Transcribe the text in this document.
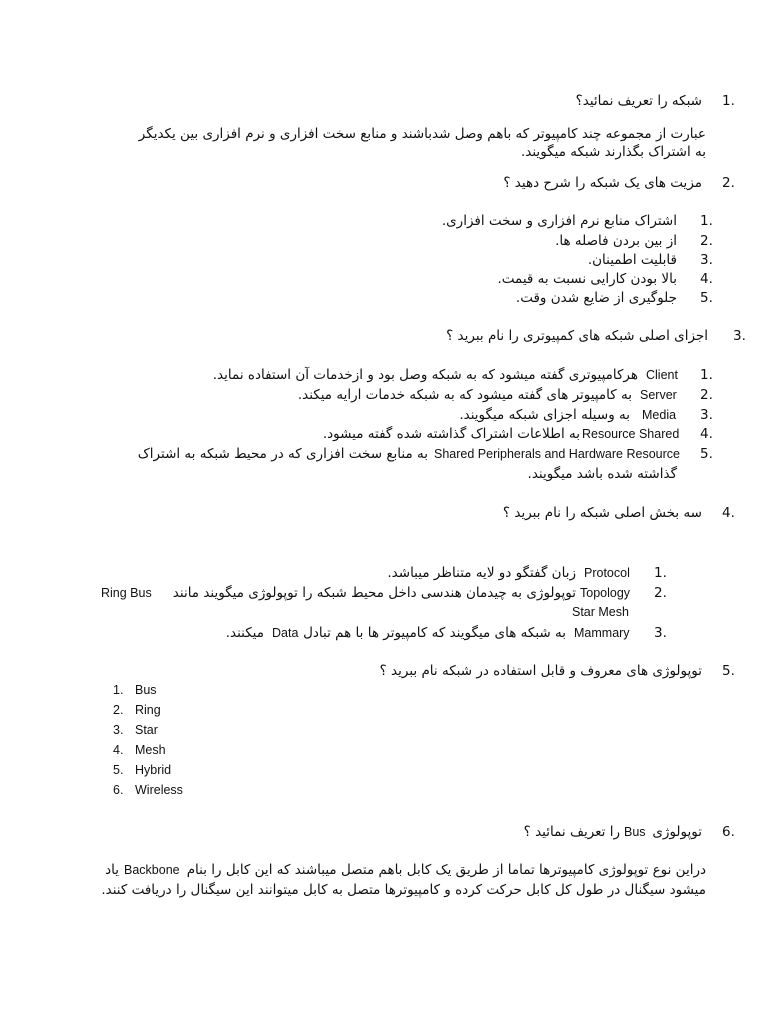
1.
شبکه را تعریف نمائید؟
عبارت از مجموعه چند کامپیوتر که باهم وصل شدباشند و منابع سخت افزاری و نرم افزاری بین یکدیگر
به اشتراک بگذارند شبکه میگویند.
2.
مزیت های یک شبکه را شرح دهید ؟
1.
اشتراک منابع نرم افزاری و سخت افزاری.
2.
از بین بردن فاصله ها.
3.
قابلیت اطمینان.
4.
بالا بودن کارایی نسبت به قیمت.
5.
جلوگیری از ضایع شدن وقت.
3.
اجزای اصلی شبکه های کمپیوتری را نام ببرید ؟
1.
Client
هرکامپیوتری گفته میشود که به شبکه وصل بود و ازخدمات آن استفاده نماید.
2.
Server
به کامپیوتر های گفته میشود که به شبکه خدمات ارایه میکند.
3.
Media
به وسیله اجزای شبکه میگویند.
4.
Resource Shared
به اطلاعات اشتراک گذاشته شده گفته میشود.
5.
Shared Peripherals and Hardware Resource
به منابع سخت افزاری که در محیط شبکه به اشتراک
گذاشته شده باشد میگویند.
4.
سه بخش اصلی شبکه را نام ببرید ؟
1.
Protocol
زبان گفتگو دو لایه متناظر میباشد.
2.
Topology
توپولوژی به چیدمان هندسی داخل محیط شبکه را توپولوژی میگویند مانند
Ring Bus
Star Mesh
3.
Mammary
به شبکه های میگویند که کامپیوتر ها با هم تبادل
Data
میکنند.
5.
توپولوژی های معروف و قابل استفاده در شبکه نام ببرید ؟
1. Bus
2. Ring
3. Star
4. Mesh
5. Hybrid
6. Wireless
6.
توپولوژی
Bus
را تعریف نمائید ؟
دراین نوع توپولوژی کامپیوترها تماما از طریق یک کابل باهم متصل میباشند که این کابل را بنام
Backbone
یاد
میشود سیگنال در طول کل کابل حرکت کرده و کامپیوترها متصل به کابل میتوانند این سیگنال را دریافت کنند.
